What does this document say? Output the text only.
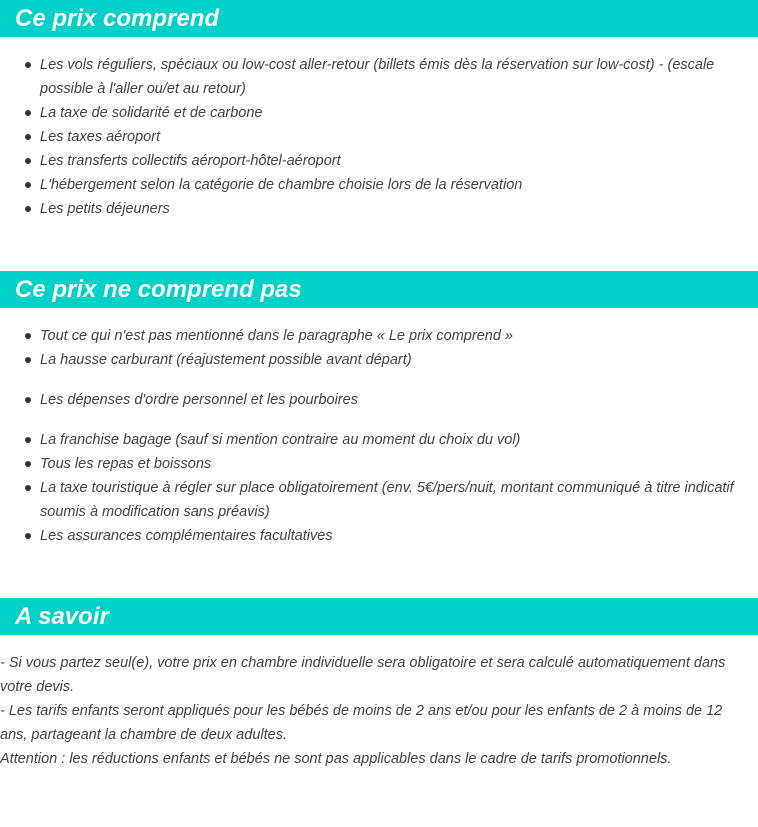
Ce prix comprend
Les vols réguliers, spéciaux ou low-cost aller-retour (billets émis dès la réservation sur low-cost) - (escale possible à l'aller ou/et au retour)
La taxe de solidarité et de carbone
Les taxes aéroport
Les transferts collectifs aéroport-hôtel-aéroport
L'hébergement selon la catégorie de chambre choisie lors de la réservation
Les petits déjeuners
Ce prix ne comprend pas
Tout ce qui n'est pas mentionné dans le paragraphe « Le prix comprend »
La hausse carburant (réajustement possible avant départ)
Les dépenses d'ordre personnel et les pourboires
La franchise bagage (sauf si mention contraire au moment du choix du vol)
Tous les repas et boissons
La taxe touristique à régler sur place obligatoirement (env. 5€/pers/nuit, montant communiqué à titre indicatif soumis à modification sans préavis)
Les assurances complémentaires facultatives
A savoir
- Si vous partez seul(e), votre prix en chambre individuelle sera obligatoire et sera calculé automatiquement dans votre devis.
- Les tarifs enfants seront appliqués pour les bébés de moins de 2 ans et/ou pour les enfants de 2 à moins de 12 ans, partageant la chambre de deux adultes.
Attention : les réductions enfants et bébés ne sont pas applicables dans le cadre de tarifs promotionnels.
